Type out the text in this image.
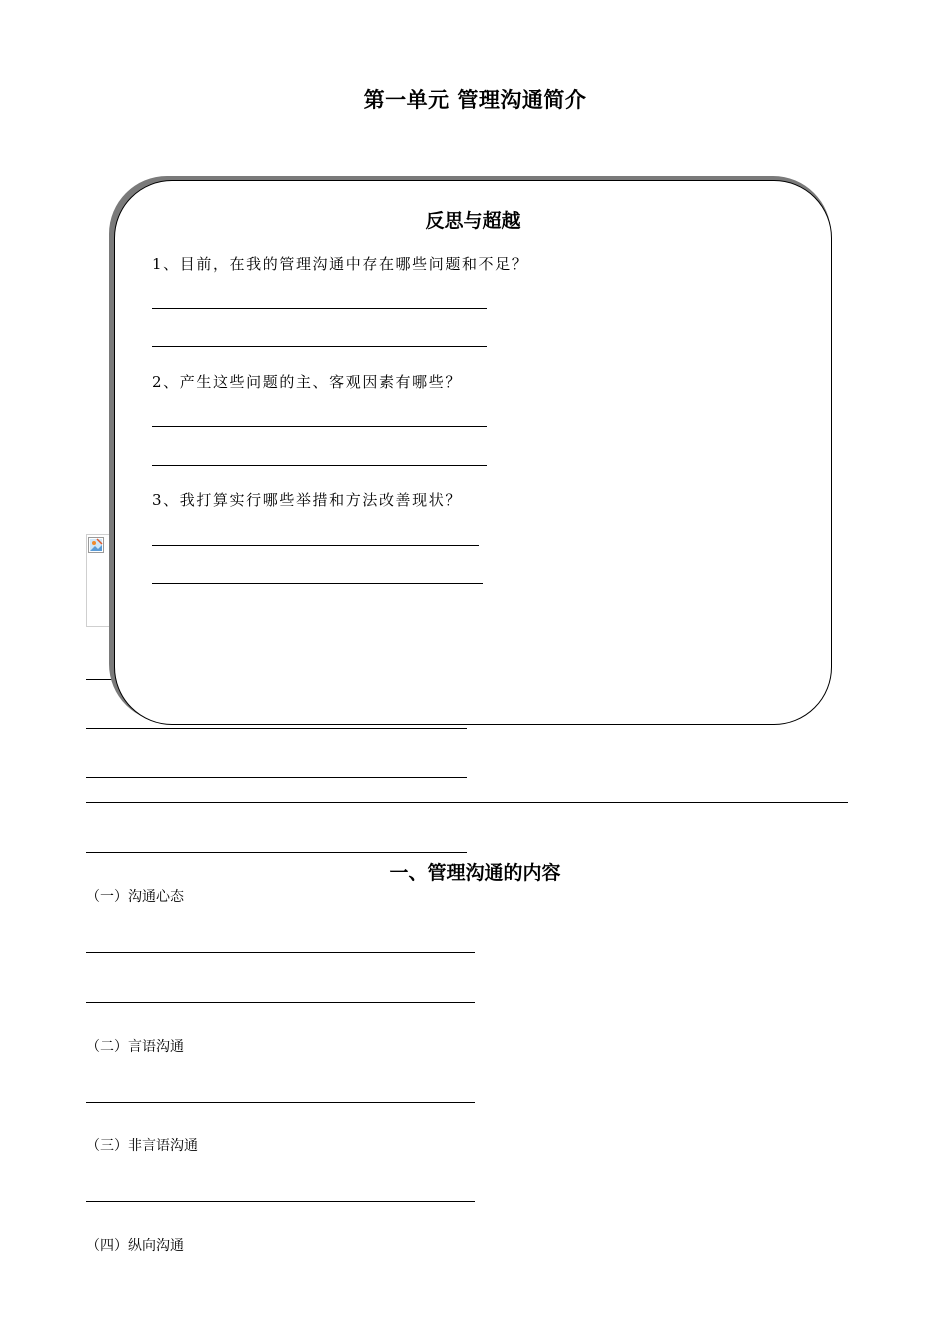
第一单元 管理沟通简介
反思与超越
1、目前，在我的管理沟通中存在哪些问题和不足？
2、产生这些问题的主、客观因素有哪些？
3、我打算实行哪些举措和方法改善现状？
一、管理沟通的内容
（一）沟通心态
（二）言语沟通
（三）非言语沟通
（四）纵向沟通
